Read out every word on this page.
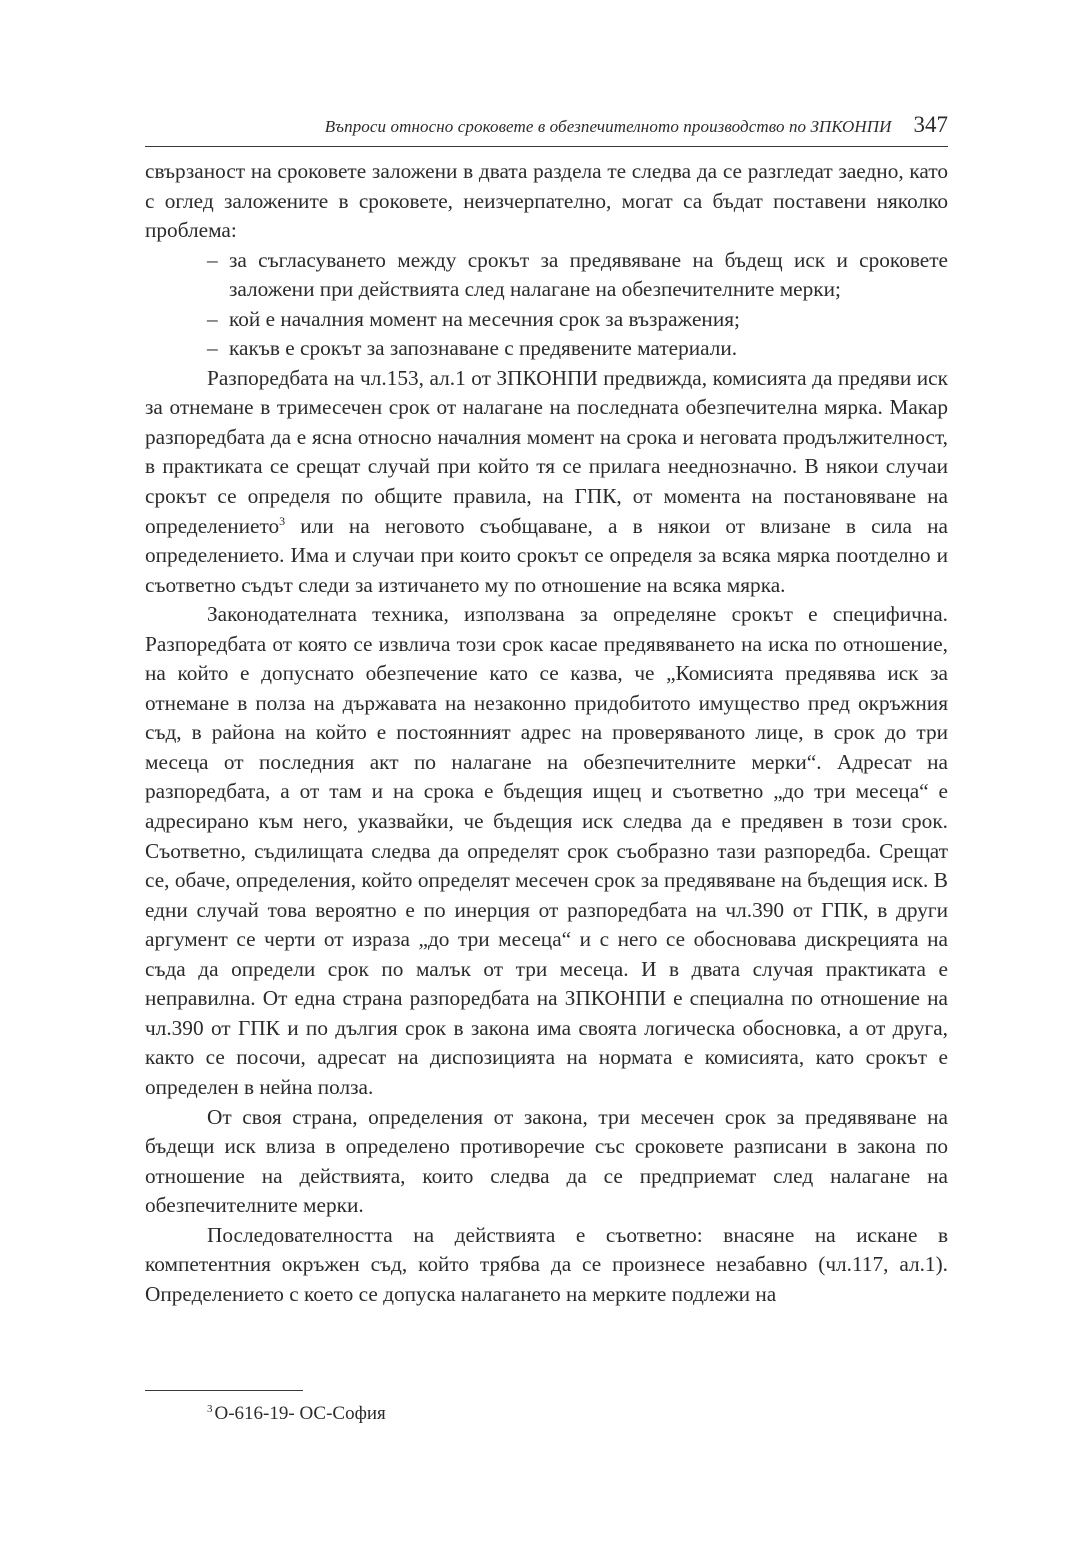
Въпроси относно сроковете в обезпечителното производство по ЗПКОНПИ 347

свързаност на сроковете заложени в двата раздела те следва да се разгледат заедно, като с оглед заложените в сроковете, неизчерпателно, могат са бъдат поставени няколко проблема:

– за съгласуването между срокът за предявяване на бъдещ иск и сроковете заложени при действията след налагане на обезпечителните мерки;
– кой е началния момент на месечния срок за възражения;
– какъв е срокът за запознаване с предявените материали.

Разпоредбата на чл.153, ал.1 от ЗПКОНПИ предвижда, комисията да предяви иск за отнемане в тримесечен срок от налагане на последната обезпечителна мярка. Макар разпоредбата да е ясна относно началния момент на срока и неговата продължителност, в практиката се срещат случай при който тя се прилага нееднозначно. В някои случаи срокът се определя по общите правила, на ГПК, от момента на постановяване на определението$^3$ или на неговото съобщаване, а в някои от влизане в сила на определението. Има и случаи при които срокът се определя за всяка мярка поотделно и съответно съдът следи за изтичането му по отношение на всяка мярка.

Законодателната техника, използвана за определяне срокът е специфична. Разпоредбата от която се извлича този срок касае предявяването на иска по отношение, на който е допуснато обезпечение като се казва, че „Комисията предявява иск за отнемане в полза на държавата на незаконно придобитото имущество пред окръжния съд, в района на който е постоянният адрес на проверяваното лице, в срок до три месеца от последния акт по налагане на обезпечителните мерки“. Адресат на разпоредбата, а от там и на срока е бъдещия ищец и съответно „до три месеца“ е адресирано към него, указвайки, че бъдещия иск следва да е предявен в този срок. Съответно, съдилищата следва да определят срок съобразно тази разпоредба. Срещат се, обаче, определения, който определят месечен срок за предявяване на бъдещия иск. В едни случай това вероятно е по инерция от разпоредбата на чл.390 от ГПК, в други аргумент се черти от израза „до три месеца“ и с него се обосновава дискрецията на съда да определи срок по малък от три месеца. И в двата случая практиката е неправилна. От една страна разпоредбата на ЗПКОНПИ е специална по отношение на чл.390 от ГПК и по дългия срок в закона има своята логическа обосновка, а от друга, както се посочи, адресат на диспозицията на нормата е комисията, като срокът е определен в нейна полза.

От своя страна, определения от закона, три месечен срок за предявяване на бъдещи иск влиза в определено противоречие със сроковете разписани в закона по отношение на действията, които следва да се предприемат след налагане на обезпечителните мерки.

Последователността на действията е съответно: внасяне на искане в компетентния окръжен съд, който трябва да се произнесе незабавно (чл.117, ал.1). Определението с което се допуска налагането на мерките подлежи на

$^3$ О-616-19- ОС-София
